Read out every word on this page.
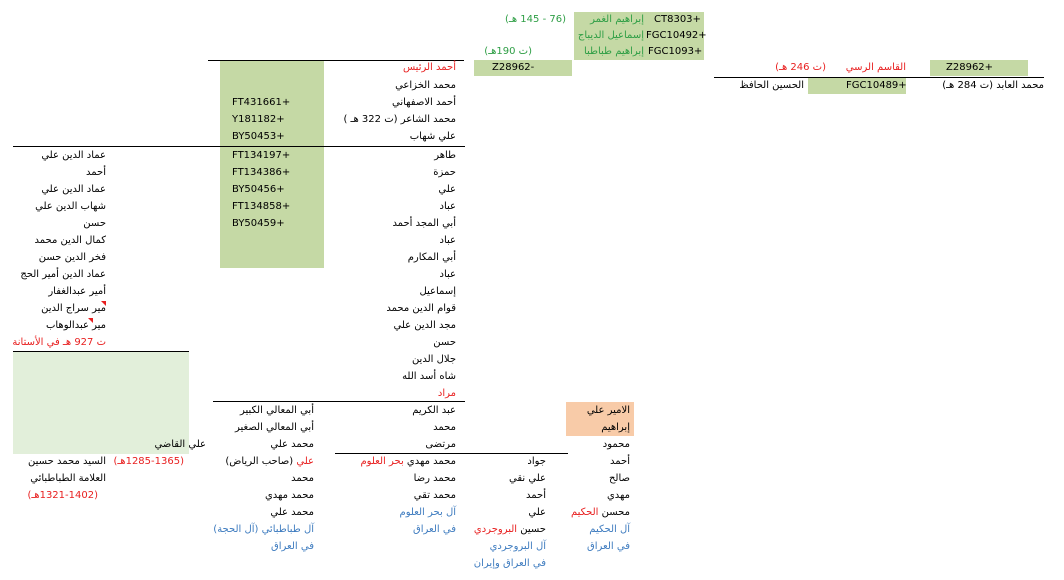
CT8303+
إبراهيم الغمر
(76 - 145 هـ)
FGC10492+
إسماعيل الديباج
FGC1093+
إبراهيم طباطبا
(ت 190هـ)
Z28962-	Z28962+
القاسم الرسي
(ت 246 هـ)
محمد العابد (ت 284 هـ)
FGC10489+
الحسين الحافظ
أحمد الرئيس
محمد الخزاعي
أحمد الاصفهاني
محمد الشاعر (ت 322 هـ )
علي شهاب
طاهر
حمزة
علي
عباد
أبي المجد أحمد
عباد
أبي المكارم
عباد
إسماعيل
قوام الدين محمد
مجد الدين علي
حسن
جلال الدين
شاه أسد الله
مراد
عبد الكريم
محمد
مرتضى
FT431661+
Y181182+
BY50453+
FT134197+
FT134386+
BY50456+
FT134858+
BY50459+
عماد الدين علي
أحمد
عماد الدين علي
شهاب الدين علي
حسن
كمال الدين محمد
فخر الدين حسن
عماد الدين أمير الحج
أمير عبدالغفار
مير سراج الدين
مير عبدالوهاب
ت 927 هـ في الأستانة
علي القاضي
السيد محمد حسين (1285-1365هـ)
العلامة الطباطبائي
(1321-1402هـ)
أبي المعالي الكبير
أبي المعالي الصغير
محمد علي
علي (صاحب الرياض)
محمد
محمد مهدي
محمد علي
آل طباطبائي (آل الحجة)
في العراق
محمد مهدي بحر العلوم
محمد رضا
محمد تقي
آل بحر العلوم
في العراق
جواد
علي نقي
أحمد
علي
حسين البروجردي
آل البروجردي
في العراق وإيران
الامير علي
إبراهيم
محمود
أحمد
صالح
مهدي
محسن الحكيم
آل الحكيم
في العراق
